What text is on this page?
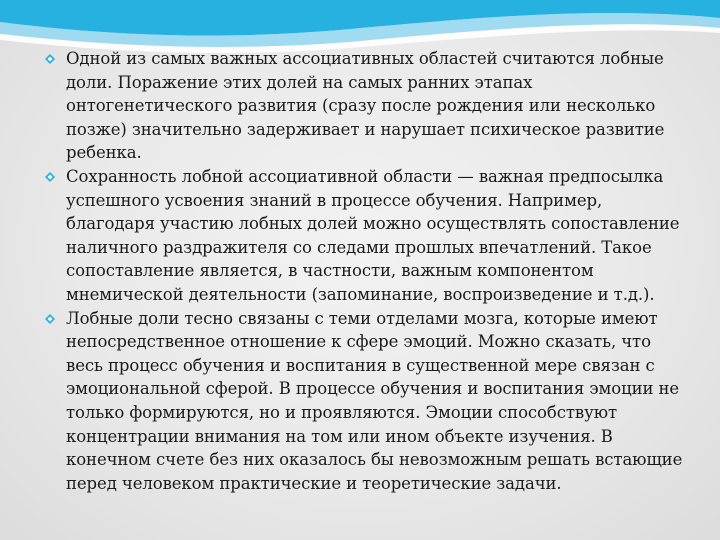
Одной из самых важных ассоциативных областей считаются лобные доли. Поражение этих долей на самых ранних этапах онтогенетического развития (сразу после рождения или несколько позже) значительно задерживает и нарушает психическое развитие ребенка.
Сохранность лобной ассоциативной области — важная предпосылка успешного усвоения знаний в процессе обучения. Например, благодаря участию лобных долей можно осуществлять сопоставление наличного раздражителя со следами прошлых впечатлений. Такое сопоставление является, в частности, важным компонентом мнемической деятельности (запоминание, воспроизведение и т.д.).
Лобные доли тесно связаны с теми отделами мозга, которые имеют непосредственное отношение к сфере эмоций. Можно сказать, что весь процесс обучения и воспитания в существенной мере связан с эмоциональной сферой. В процессе обучения и воспитания эмоции не только формируются, но и проявляются. Эмоции способствуют концентрации внимания на том или ином объекте изучения. В конечном счете без них оказалось бы невозможным решать встающие перед человеком практические и теоретические задачи.
